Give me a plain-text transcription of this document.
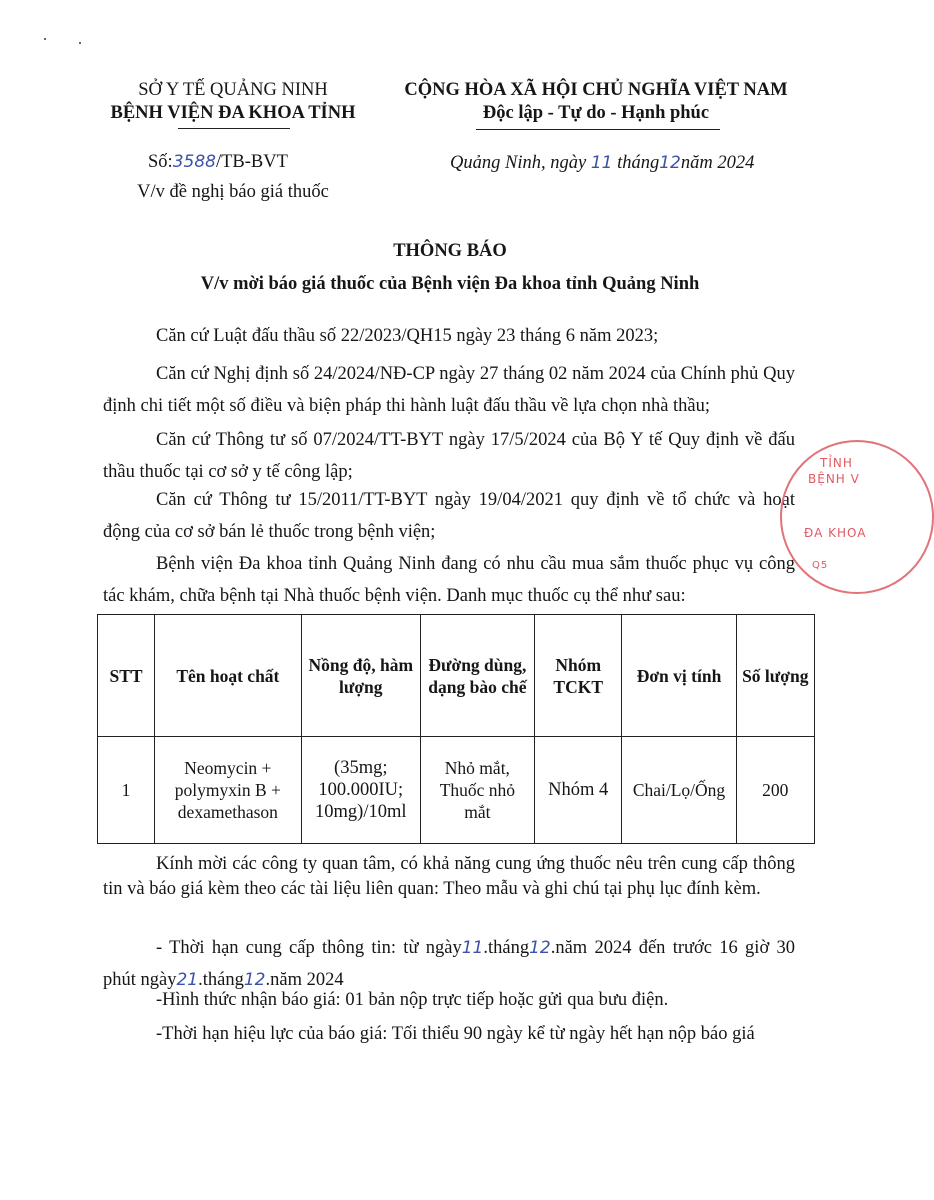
SỞ Y TẾ QUẢNG NINH
BỆNH VIỆN ĐA KHOA TỈNH
Số:3588/TB-BVT
V/v đề nghị báo giá thuốc
CỘNG HÒA XÃ HỘI CHỦ NGHĨA VIỆT NAM
Độc lập - Tự do - Hạnh phúc
Quảng Ninh, ngày 11 tháng12năm 2024
THÔNG BÁO
V/v mời báo giá thuốc của Bệnh viện Đa khoa tỉnh Quảng Ninh
Căn cứ Luật đấu thầu số 22/2023/QH15 ngày 23 tháng 6 năm 2023;
Căn cứ Nghị định số 24/2024/NĐ-CP ngày 27 tháng 02 năm 2024 của Chính phủ Quy định chi tiết một số điều và biện pháp thi hành luật đấu thầu về lựa chọn nhà thầu;
Căn cứ Thông tư số 07/2024/TT-BYT ngày 17/5/2024 của Bộ Y tế Quy định về đấu thầu thuốc tại cơ sở y tế công lập;
Căn cứ Thông tư 15/2011/TT-BYT ngày 19/04/2021 quy định về tổ chức và hoạt động của cơ sở bán lẻ thuốc trong bệnh viện;
Bệnh viện Đa khoa tỉnh Quảng Ninh đang có nhu cầu mua sắm thuốc phục vụ công tác khám, chữa bệnh tại Nhà thuốc bệnh viện. Danh mục thuốc cụ thể như sau:
STT	Tên hoạt chất	Nồng độ, hàm lượng	Đường dùng, dạng bào chế	Nhóm TCKT	Đơn vị tính	Số lượng
1	Neomycin + polymyxin B + dexamethason	(35mg; 100.000IU; 10mg)/10ml	Nhỏ mắt, Thuốc nhỏ mắt	Nhóm 4	Chai/Lọ/Ống	200
Kính mời các công ty quan tâm, có khả năng cung ứng thuốc nêu trên cung cấp thông tin và báo giá kèm theo các tài liệu liên quan: Theo mẫu và ghi chú tại phụ lục đính kèm.
- Thời hạn cung cấp thông tin: từ ngày11.tháng12.năm 2024 đến trước 16 giờ 30 phút ngày21.tháng12.năm 2024
-Hình thức nhận báo giá: 01 bản nộp trực tiếp hoặc gửi qua bưu điện.
-Thời hạn hiệu lực của báo giá: Tối thiểu 90 ngày kể từ ngày hết hạn nộp báo giá
TỈNH
BỆNH V
ĐA KHOA
Q5
